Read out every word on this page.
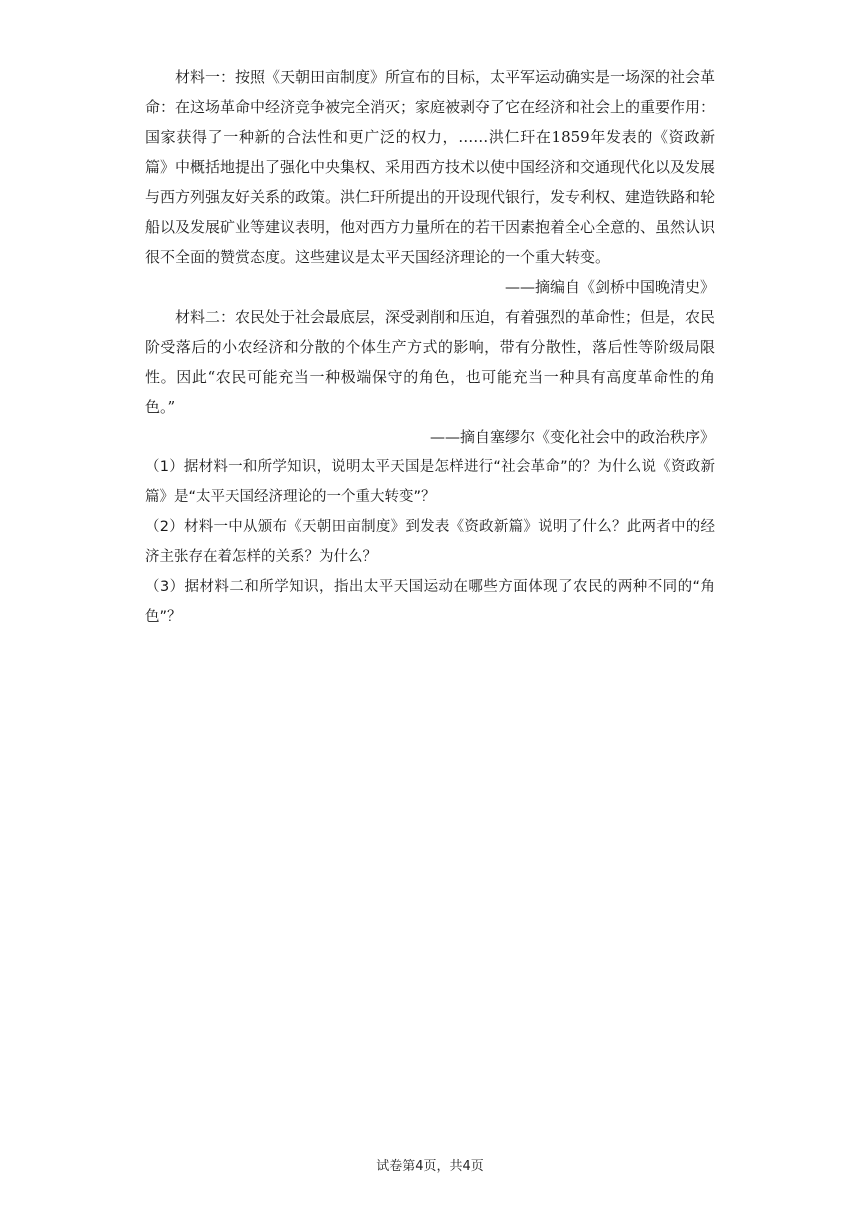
材料一：按照《天朝田亩制度》所宣布的目标，太平军运动确实是一场深的社会革命：在这场革命中经济竞争被完全消灭；家庭被剥夺了它在经济和社会上的重要作用：国家获得了一种新的合法性和更广泛的权力，……洪仁玕在1859年发表的《资政新篇》中概括地提出了强化中央集权、采用西方技术以使中国经济和交通现代化以及发展与西方列强友好关系的政策。洪仁玕所提出的开设现代银行，发专利权、建造铁路和轮船以及发展矿业等建议表明，他对西方力量所在的若干因素抱着全心全意的、虽然认识很不全面的赞赏态度。这些建议是太平天国经济理论的一个重大转变。

——摘编自《剑桥中国晚清史》

材料二：农民处于社会最底层，深受剥削和压迫，有着强烈的革命性；但是，农民阶受落后的小农经济和分散的个体生产方式的影响，带有分散性，落后性等阶级局限性。因此“农民可能充当一种极端保守的角色，也可能充当一种具有高度革命性的角色。”

——摘自塞缪尔《变化社会中的政治秩序》

（1）据材料一和所学知识，说明太平天国是怎样进行“社会革命”的？为什么说《资政新篇》是“太平天国经济理论的一个重大转变”？

（2）材料一中从颁布《天朝田亩制度》到发表《资政新篇》说明了什么？此两者中的经济主张存在着怎样的关系？为什么？

（3）据材料二和所学知识，指出太平天国运动在哪些方面体现了农民的两种不同的“角色”？

试卷第4页，共4页
